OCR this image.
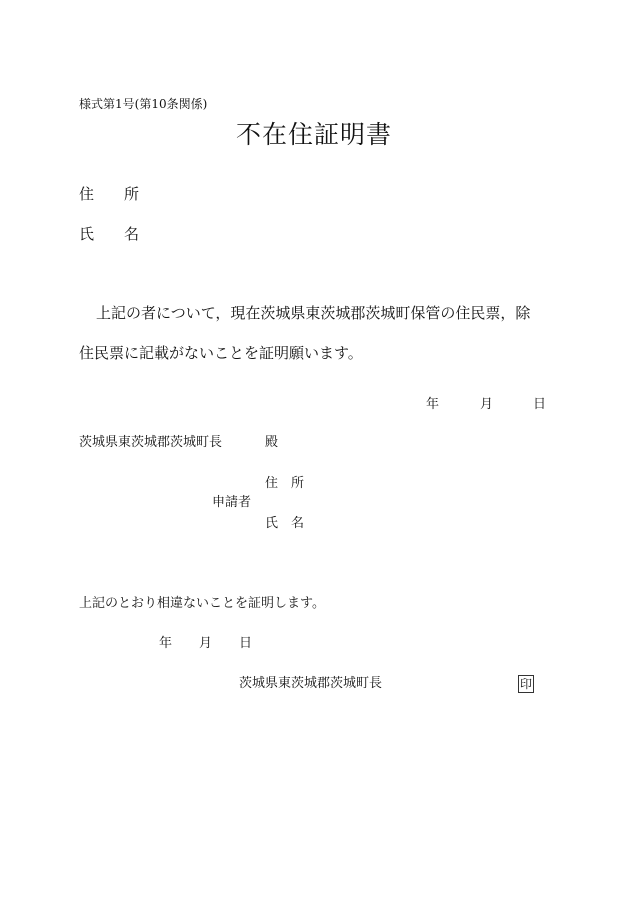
様式第1号(第10条関係)
不在住証明書
住　　所
氏　　名
上記の者について，現在茨城県東茨城郡茨城町保管の住民票，除
住民票に記載がないことを証明願います。
年	月	日
茨城県東茨城郡茨城町長	殿
住　所
申請者
氏　名
上記のとおり相違ないことを証明します。
年 月 日
茨城県東茨城郡茨城町長	印
